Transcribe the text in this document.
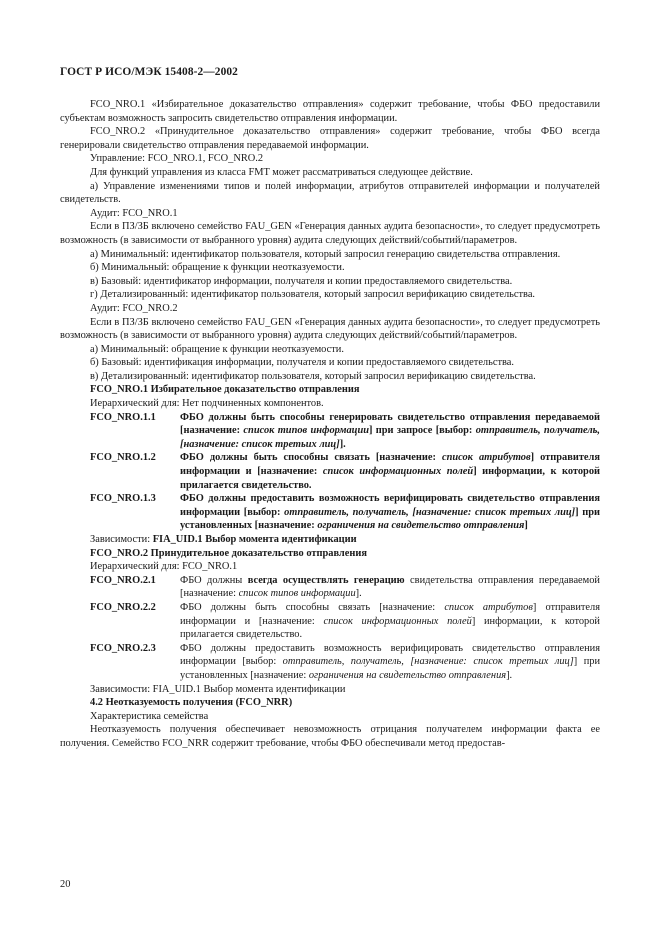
ГОСТ Р ИСО/МЭК 15408-2—2002

FCO_NRO.1 «Избирательное доказательство отправления» содержит требование, чтобы ФБО предоставили субъектам возможность запросить свидетельство отправления информации.

FCO_NRO.2 «Принудительное доказательство отправления» содержит требование, чтобы ФБО всегда генерировали свидетельство отправления передаваемой информации.

Управление: FCO_NRO.1, FCO_NRO.2

Для функций управления из класса FMT может рассматриваться следующее действие.

а) Управление изменениями типов и полей информации, атрибутов отправителей информации и получателей свидетельств.

Аудит: FCO_NRO.1

Если в ПЗ/ЗБ включено семейство FAU_GEN «Генерация данных аудита безопасности», то следует предусмотреть возможность (в зависимости от выбранного уровня) аудита следующих действий/событий/параметров.

а) Минимальный: идентификатор пользователя, который запросил генерацию свидетельства отправления.

б) Минимальный: обращение к функции неотказуемости.

в) Базовый: идентификатор информации, получателя и копии предоставляемого свидетельства.

г) Детализированный: идентификатор пользователя, который запросил верификацию свидетельства.

Аудит: FCO_NRO.2

Если в ПЗ/ЗБ включено семейство FAU_GEN «Генерация данных аудита безопасности», то следует предусмотреть возможность (в зависимости от выбранного уровня) аудита следующих действий/событий/параметров.

а) Минимальный: обращение к функции неотказуемости.

б) Базовый: идентификация информации, получателя и копии предоставляемого свидетельства.

в) Детализированный: идентификатор пользователя, который запросил верификацию свидетельства.

FCO_NRO.1 Избирательное доказательство отправления

Иерархический для: Нет подчиненных компонентов.

FCO_NRO.1.1	ФБО должны быть способны генерировать свидетельство отправления передаваемой [назначение: список типов информации] при запросе [выбор: отправитель, получатель, [назначение: список третьих лиц]].
FCO_NRO.1.2	ФБО должны быть способны связать [назначение: список атрибутов] отправителя информации и [назначение: список информационных полей] информации, к которой прилагается свидетельство.
FCO_NRO.1.3	ФБО должны предоставить возможность верифицировать свидетельство отправления информации [выбор: отправитель, получатель, [назначение: список третьих лиц]] при установленных [назначение: ограничения на свидетельство отправления]

Зависимости: FIA_UID.1 Выбор момента идентификации

FCO_NRO.2 Принудительное доказательство отправления

Иерархический для: FCO_NRO.1

FCO_NRO.2.1	ФБО должны всегда осуществлять генерацию свидетельства отправления передаваемой [назначение: список типов информации].
FCO_NRO.2.2	ФБО должны быть способны связать [назначение: список атрибутов] отправителя информации и [назначение: список информационных полей] информации, к которой прилагается свидетельство.
FCO_NRO.2.3	ФБО должны предоставить возможность верифицировать свидетельство отправления информации [выбор: отправитель, получатель, [назначение: список третьих лиц]] при установленных [назначение: ограничения на свидетельство отправления].

Зависимости: FIA_UID.1 Выбор момента идентификации

4.2 Неотказуемость получения (FCO_NRR)

Характеристика семейства

Неотказуемость получения обеспечивает невозможность отрицания получателем информации факта ее получения. Семейство FCO_NRR содержит требование, чтобы ФБО обеспечивали метод предостав-

20
